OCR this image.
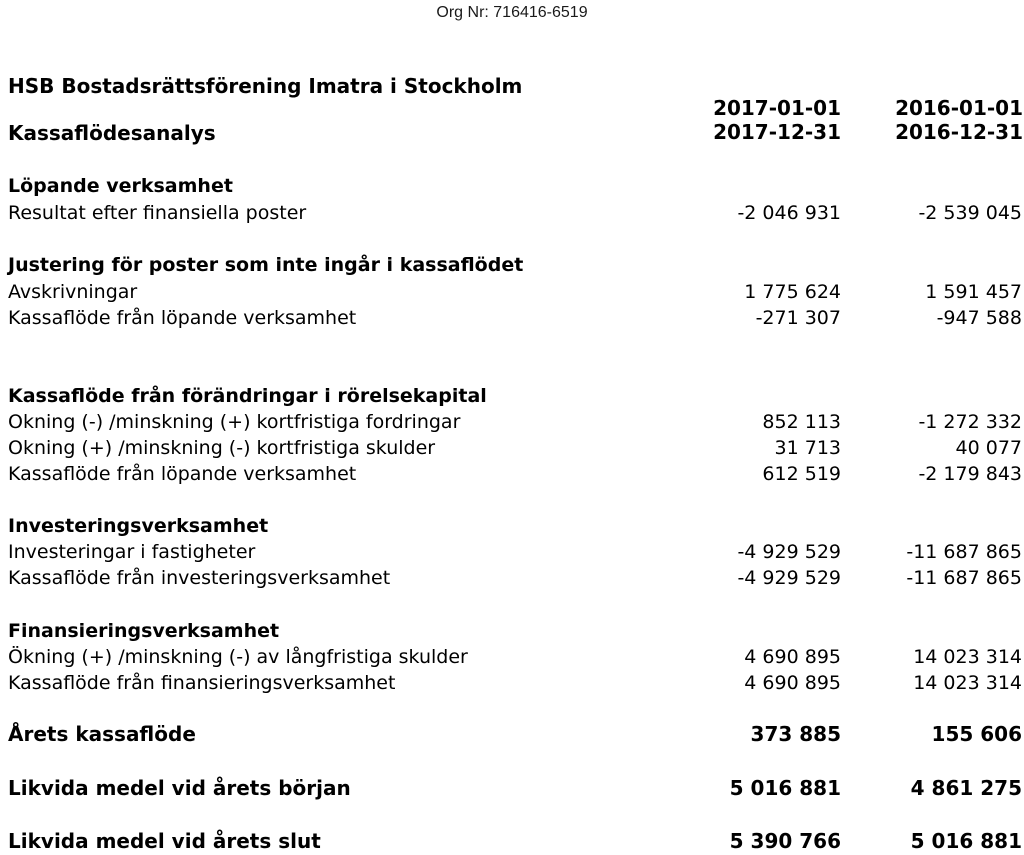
Org Nr: 716416-6519
HSB Bostadsrättsförening Imatra i Stockholm
Kassaflödesanalys
2017-01-01
2017-12-31
2016-01-01
2016-12-31
Löpande verksamhet
Resultat efter finansiella poster	-2 046 931	-2 539 045
Justering för poster som inte ingår i kassaflödet
Avskrivningar	1 775 624	1 591 457
Kassaflöde från löpande verksamhet	-271 307	-947 588
Kassaflöde från förändringar i rörelsekapital
Okning (-) /minskning (+) kortfristiga fordringar	852 113	-1 272 332
Okning (+) /minskning (-) kortfristiga skulder	31 713	40 077
Kassaflöde från löpande verksamhet	612 519	-2 179 843
Investeringsverksamhet
Investeringar i fastigheter	-4 929 529	-11 687 865
Kassaflöde från investeringsverksamhet	-4 929 529	-11 687 865
Finansieringsverksamhet
Ökning (+) /minskning (-) av långfristiga skulder	4 690 895	14 023 314
Kassaflöde från finansieringsverksamhet	4 690 895	14 023 314
Årets kassaflöde	373 885	155 606
Likvida medel vid årets början	5 016 881	4 861 275
Likvida medel vid årets slut	5 390 766	5 016 881
